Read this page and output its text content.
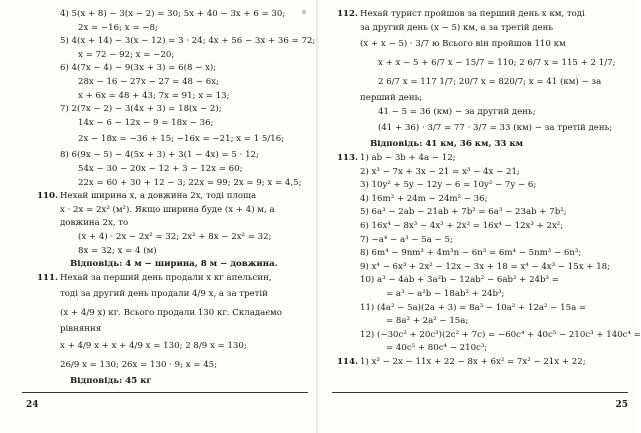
4) 5(x + 8) − 3(x − 2) = 30; 5x + 40 − 3x + 6 = 30;
2x = −16; x = −8;
5) 4(x + 14) − 3(x − 12) = 3 · 24; 4x + 56 − 3x + 36 = 72;
x = 72 − 92; x = −20;
6) 4(7x − 4) − 9(3x + 3) = 6(8 − x);
28x − 16 − 27x − 27 = 48 − 6x;
x + 6x = 48 + 43; 7x = 91; x = 13;
7) 2(7x − 2) − 3(4x + 3) = 18(x − 2);
14x − 6 − 12x − 9 = 18x − 36;
2x − 18x = −36 + 15; −16x = −21; x = 1 5/16;
8) 6(9x − 5) − 4(5x + 3) + 3(1 − 4x) = 5 · 12;
54x − 30 − 20x − 12 + 3 − 12x = 60;
22x = 60 + 30 + 12 − 3; 22x = 99; 2x = 9; x = 4,5;
110. Нехай ширина x, а довжина 2x, тоді площа
x · 2x = 2x² (м²). Якщо ширина буде (x + 4) м, а
довжина 2x, то
(x + 4) · 2x − 2x² = 32; 2x² + 8x − 2x² = 32;
8x = 32; x = 4 (м)
Відповідь: 4 м − ширина, 8 м − довжина.
111. Нехай за перший день продали x кг апельсин,
тоді за другий день продали 4/9 x, а за третій
(x + 4/9 x) кг. Всього продали 130 кг. Складаємо
рівняння
x + 4/9 x + x + 4/9 x = 130; 2 8/9 x = 130;
26/9 x = 130; 26x = 130 · 9; x = 45;
Відповідь: 45 кг
24
112. Нехай турист пройшов за перший день x км, тоді
за другий день (x − 5) км, а за третій день
(x + x − 5) · 3/7 ю Всього він пройшов 110 км
x + x − 5 + 6/7 x − 15/7 = 110; 2 6/7 x = 115 + 2 1/7;
2 6/7 x = 117 1/7; 20/7 x = 820/7; x = 41 (км) − за
перший день;
41 − 5 = 36 (км) − за другий день;
(41 + 36) · 3/7 = 77 · 3/7 = 33 (км) − за третій день;
Відповідь: 41 км, 36 км, 33 км
113. 1) ab − 3b + 4a − 12;
2) x³ − 7x + 3x − 21 = x³ − 4x − 21;
3) 10y² + 5y − 12y − 6 = 10y² − 7y − 6;
4) 16m³ + 24m − 24m² − 36;
5) 6a³ − 2ab − 21ab + 7b² = 6a³ − 23ab + 7b²;
6) 16x⁴ − 8x³ − 4x³ + 2x² = 16x⁴ − 12x³ + 2x²;
7) −a⁴ − a³ − 5a − 5;
8) 6m⁴ − 9nm³ + 4m³n − 6n³ = 6m⁴ − 5nm³ − 6n³;
9) x⁴ − 6x³ + 2x² − 12x − 3x + 18 = x⁴ − 4x³ − 15x + 18;
10) a³ − 4ab + 3a²b − 12ab² − 6ab² + 24b³ =
= a³ − a²b − 18ab² + 24b³;
11) (4a² − 5a)(2a + 3) = 8a³ − 10a² + 12a² − 15a =
= 8a³ + 2a² − 15a;
12) (−30c² + 20c³)(2c² + 7c) = −60c⁴ + 40c⁵ − 210c³ + 140c⁴ =
= 40c⁵ + 80c⁴ − 210c³;
114. 1) x³ − 2x − 11x + 22 − 8x + 6x² = 7x² − 21x + 22;
25
